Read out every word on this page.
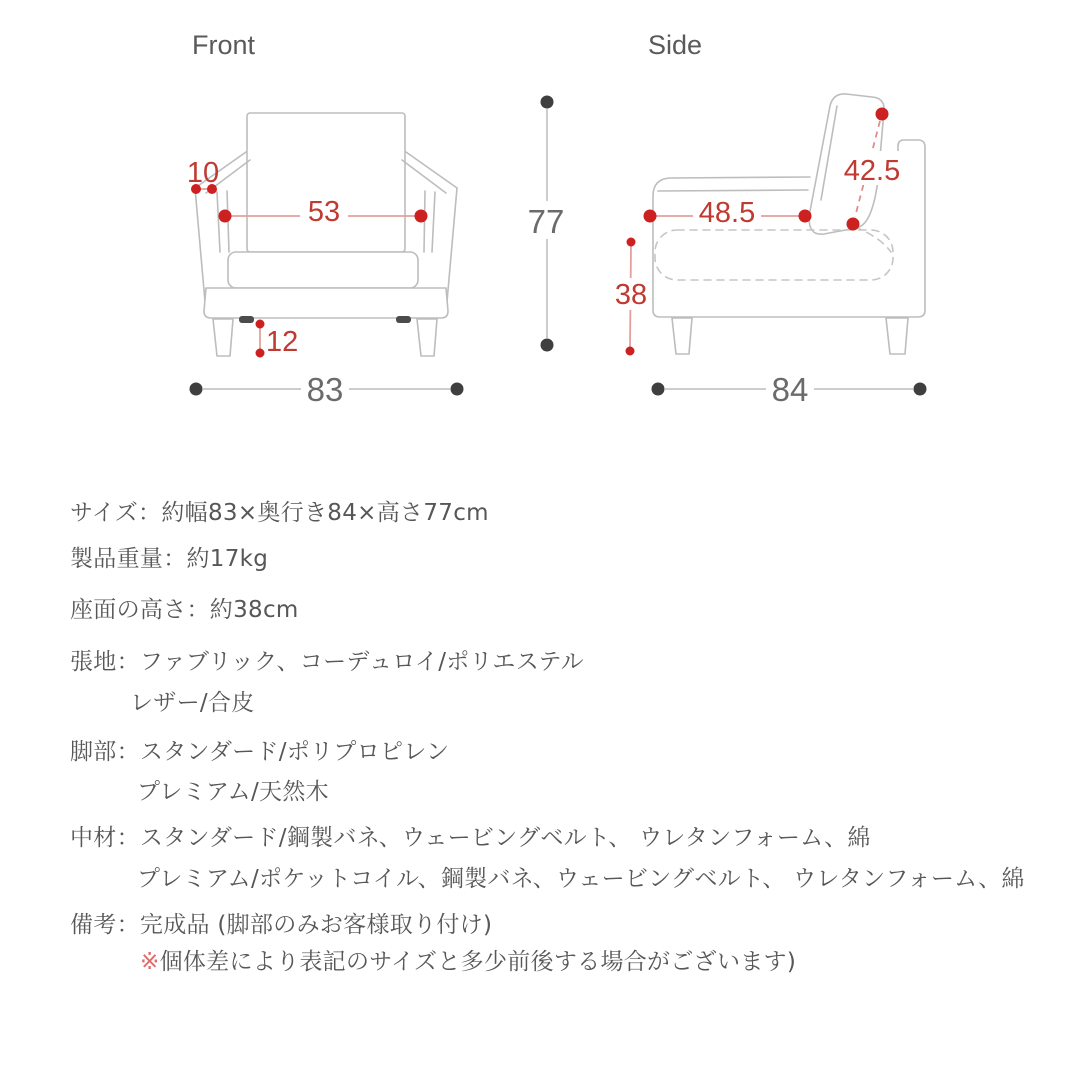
Front	Side
10
53
12
83
77
42.5
48.5
38
84
サイズ：約幅83×奥行き84×高さ77cm
製品重量：約17kg
座面の高さ：約38cm
張地：ファブリック、コーデュロイ/ポリエステル
レザー/合皮
脚部：スタンダード/ポリプロピレン
プレミアム/天然木
中材：スタンダード/鋼製バネ、ウェービングベルト、 ウレタンフォーム、綿
プレミアム/ポケットコイル、鋼製バネ、ウェービングベルト、 ウレタンフォーム、綿
備考：完成品 (脚部のみお客様取り付け)
※個体差により表記のサイズと多少前後する場合がございます)
